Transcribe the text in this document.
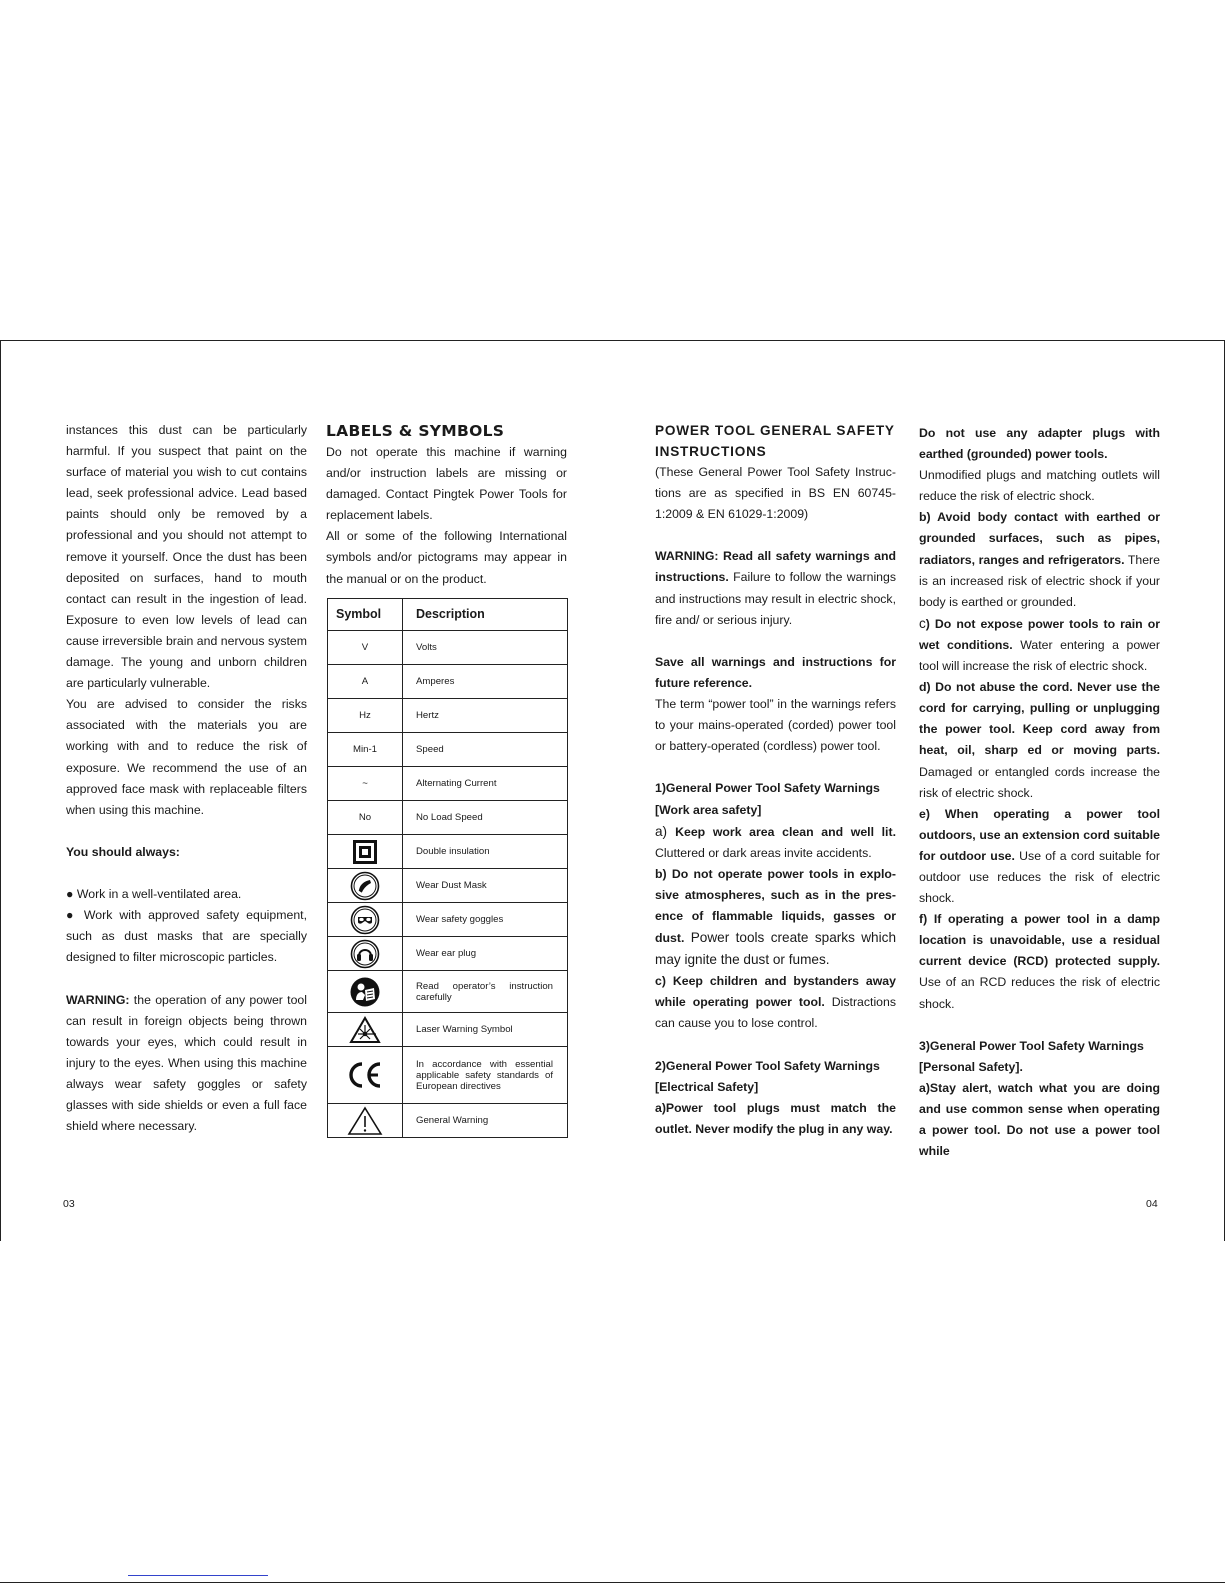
instances this dust can be particularly harmful. If you suspect that paint on the surface of material you wish to cut contains lead, seek professional advice. Lead based paints should only be removed by a professional and you should not attempt to remove it yourself. Once the dust has been deposited on surfaces, hand to mouth contact can result in the ingestion of lead. Exposure to even low levels of lead can cause irreversible brain and nervous system damage. The young and unborn children are particularly vulnerable.

You are advised to consider the risks associated with the materials you are working with and to reduce the risk of exposure. We recommend the use of an approved face mask with replaceable filters when using this machine.

You should always:

● Work in a well-ventilated area.

● Work with approved safety equipment, such as dust masks that are specially designed to filter microscopic particles.

WARNING: the operation of any power tool can result in foreign objects being thrown towards your eyes, which could result in injury to the eyes. When using this machine always wear safety goggles or safety glasses with side shields or even a full face shield where necessary.

LABELS & SYMBOLS

Do not operate this machine if warning and/or instruction labels are missing or damaged. Contact Pingtek Power Tools for replacement labels.

All or some of the following International symbols and/or pictograms may appear in the manual or on the product.

Symbol	Description
V	Volts
A	Amperes
Hz	Hertz
Min-1	Speed
~	Alternating Current
No	No Load Speed

	Double insulation

	Wear Dust Mask

	Wear safety goggles

	Wear ear plug

	Read operator’s instruction carefully

	Laser Warning Symbol

	In accordance with essential applicable safety standards of European directives

	General Warning
03
POWER TOOL GENERAL SAFETY INSTRUCTIONS

(These General Power Tool Safety Instruc-tions are as specified in BS EN 60745-1:2009 & EN 61029-1:2009)

WARNING: Read all safety warnings and instructions. Failure to follow the warnings and instructions may result in electric shock, fire and/ or serious injury.

Save all warnings and instructions for future reference.

The term “power tool” in the warnings refers to your mains-operated (corded) power tool or battery-operated (cordless) power tool.

1)General Power Tool Safety Warnings

[Work area safety]

a) Keep work area clean and well lit. Cluttered or dark areas invite accidents.

b) Do not operate power tools in explo-sive atmospheres, such as in the pres-ence of flammable liquids, gasses or dust. Power tools create sparks which may ignite the dust or fumes.

c) Keep children and bystanders away while operating power tool. Distractions can cause you to lose control.

2)General Power Tool Safety Warnings

[Electrical Safety]

a)Power tool plugs must match the outlet. Never modify the plug in any way.

Do not use any adapter plugs with earthed (grounded) power tools.

Unmodified plugs and matching outlets will reduce the risk of electric shock.

b) Avoid body contact with earthed or grounded surfaces, such as pipes, radiators, ranges and refrigerators. There is an increased risk of electric shock if your body is earthed or grounded.

c) Do not expose power tools to rain or wet conditions. Water entering a power tool will increase the risk of electric shock.

d) Do not abuse the cord. Never use the cord for carrying, pulling or unplugging the power tool. Keep cord away from heat, oil, sharp ed or moving parts. Damaged or entangled cords increase the risk of electric shock.

e) When operating a power tool outdoors, use an extension cord suitable for outdoor use. Use of a cord suitable for outdoor use reduces the risk of electric shock.

f) If operating a power tool in a damp location is unavoidable, use a residual current device (RCD) protected supply. Use of an RCD reduces the risk of electric shock.

3)General Power Tool Safety Warnings

[Personal Safety].

a)Stay alert, watch what you are doing and use common sense when operating a power tool. Do not use a power tool while

04
